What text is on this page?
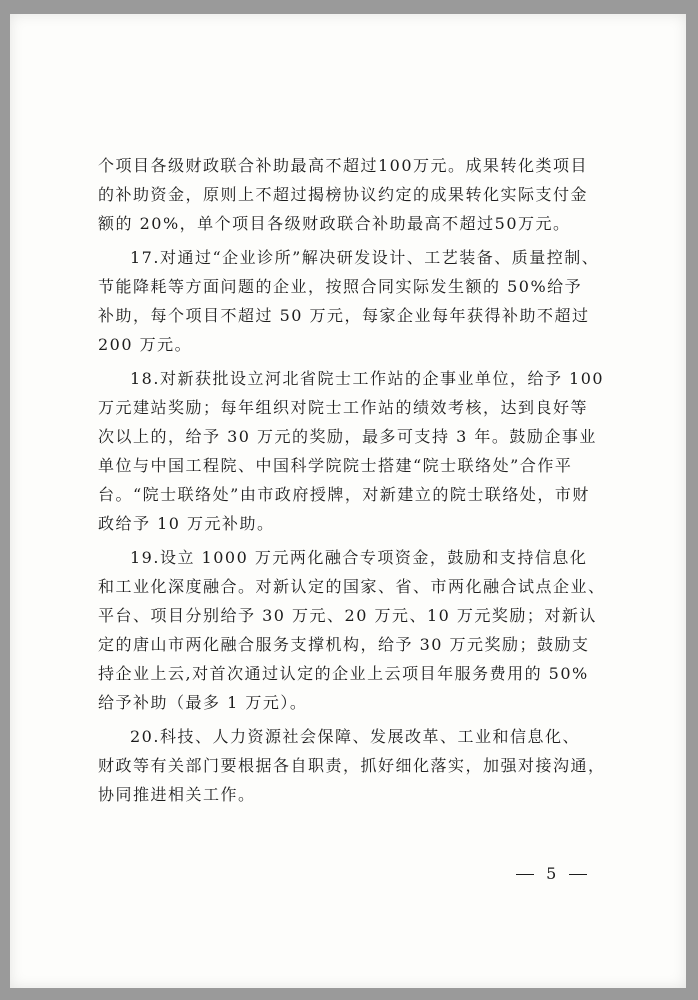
个项目各级财政联合补助最高不超过100万元。成果转化类项目
的补助资金，原则上不超过揭榜协议约定的成果转化实际支付金
额的 20%，单个项目各级财政联合补助最高不超过50万元。
17.对通过“企业诊所”解决研发设计、工艺装备、质量控制、
节能降耗等方面问题的企业，按照合同实际发生额的 50%给予
补助，每个项目不超过 50 万元，每家企业每年获得补助不超过
200 万元。
18.对新获批设立河北省院士工作站的企事业单位，给予 100
万元建站奖励；每年组织对院士工作站的绩效考核，达到良好等
次以上的，给予 30 万元的奖励，最多可支持 3 年。鼓励企事业
单位与中国工程院、中国科学院院士搭建“院士联络处”合作平
台。“院士联络处”由市政府授牌，对新建立的院士联络处，市财
政给予 10 万元补助。
19.设立 1000 万元两化融合专项资金，鼓励和支持信息化
和工业化深度融合。对新认定的国家、省、市两化融合试点企业、
平台、项目分别给予 30 万元、20 万元、10 万元奖励；对新认
定的唐山市两化融合服务支撑机构，给予 30 万元奖励；鼓励支
持企业上云,对首次通过认定的企业上云项目年服务费用的 50%
给予补助（最多 1 万元）。
20.科技、人力资源社会保障、发展改革、工业和信息化、
财政等有关部门要根据各自职责，抓好细化落实，加强对接沟通，
协同推进相关工作。
5
